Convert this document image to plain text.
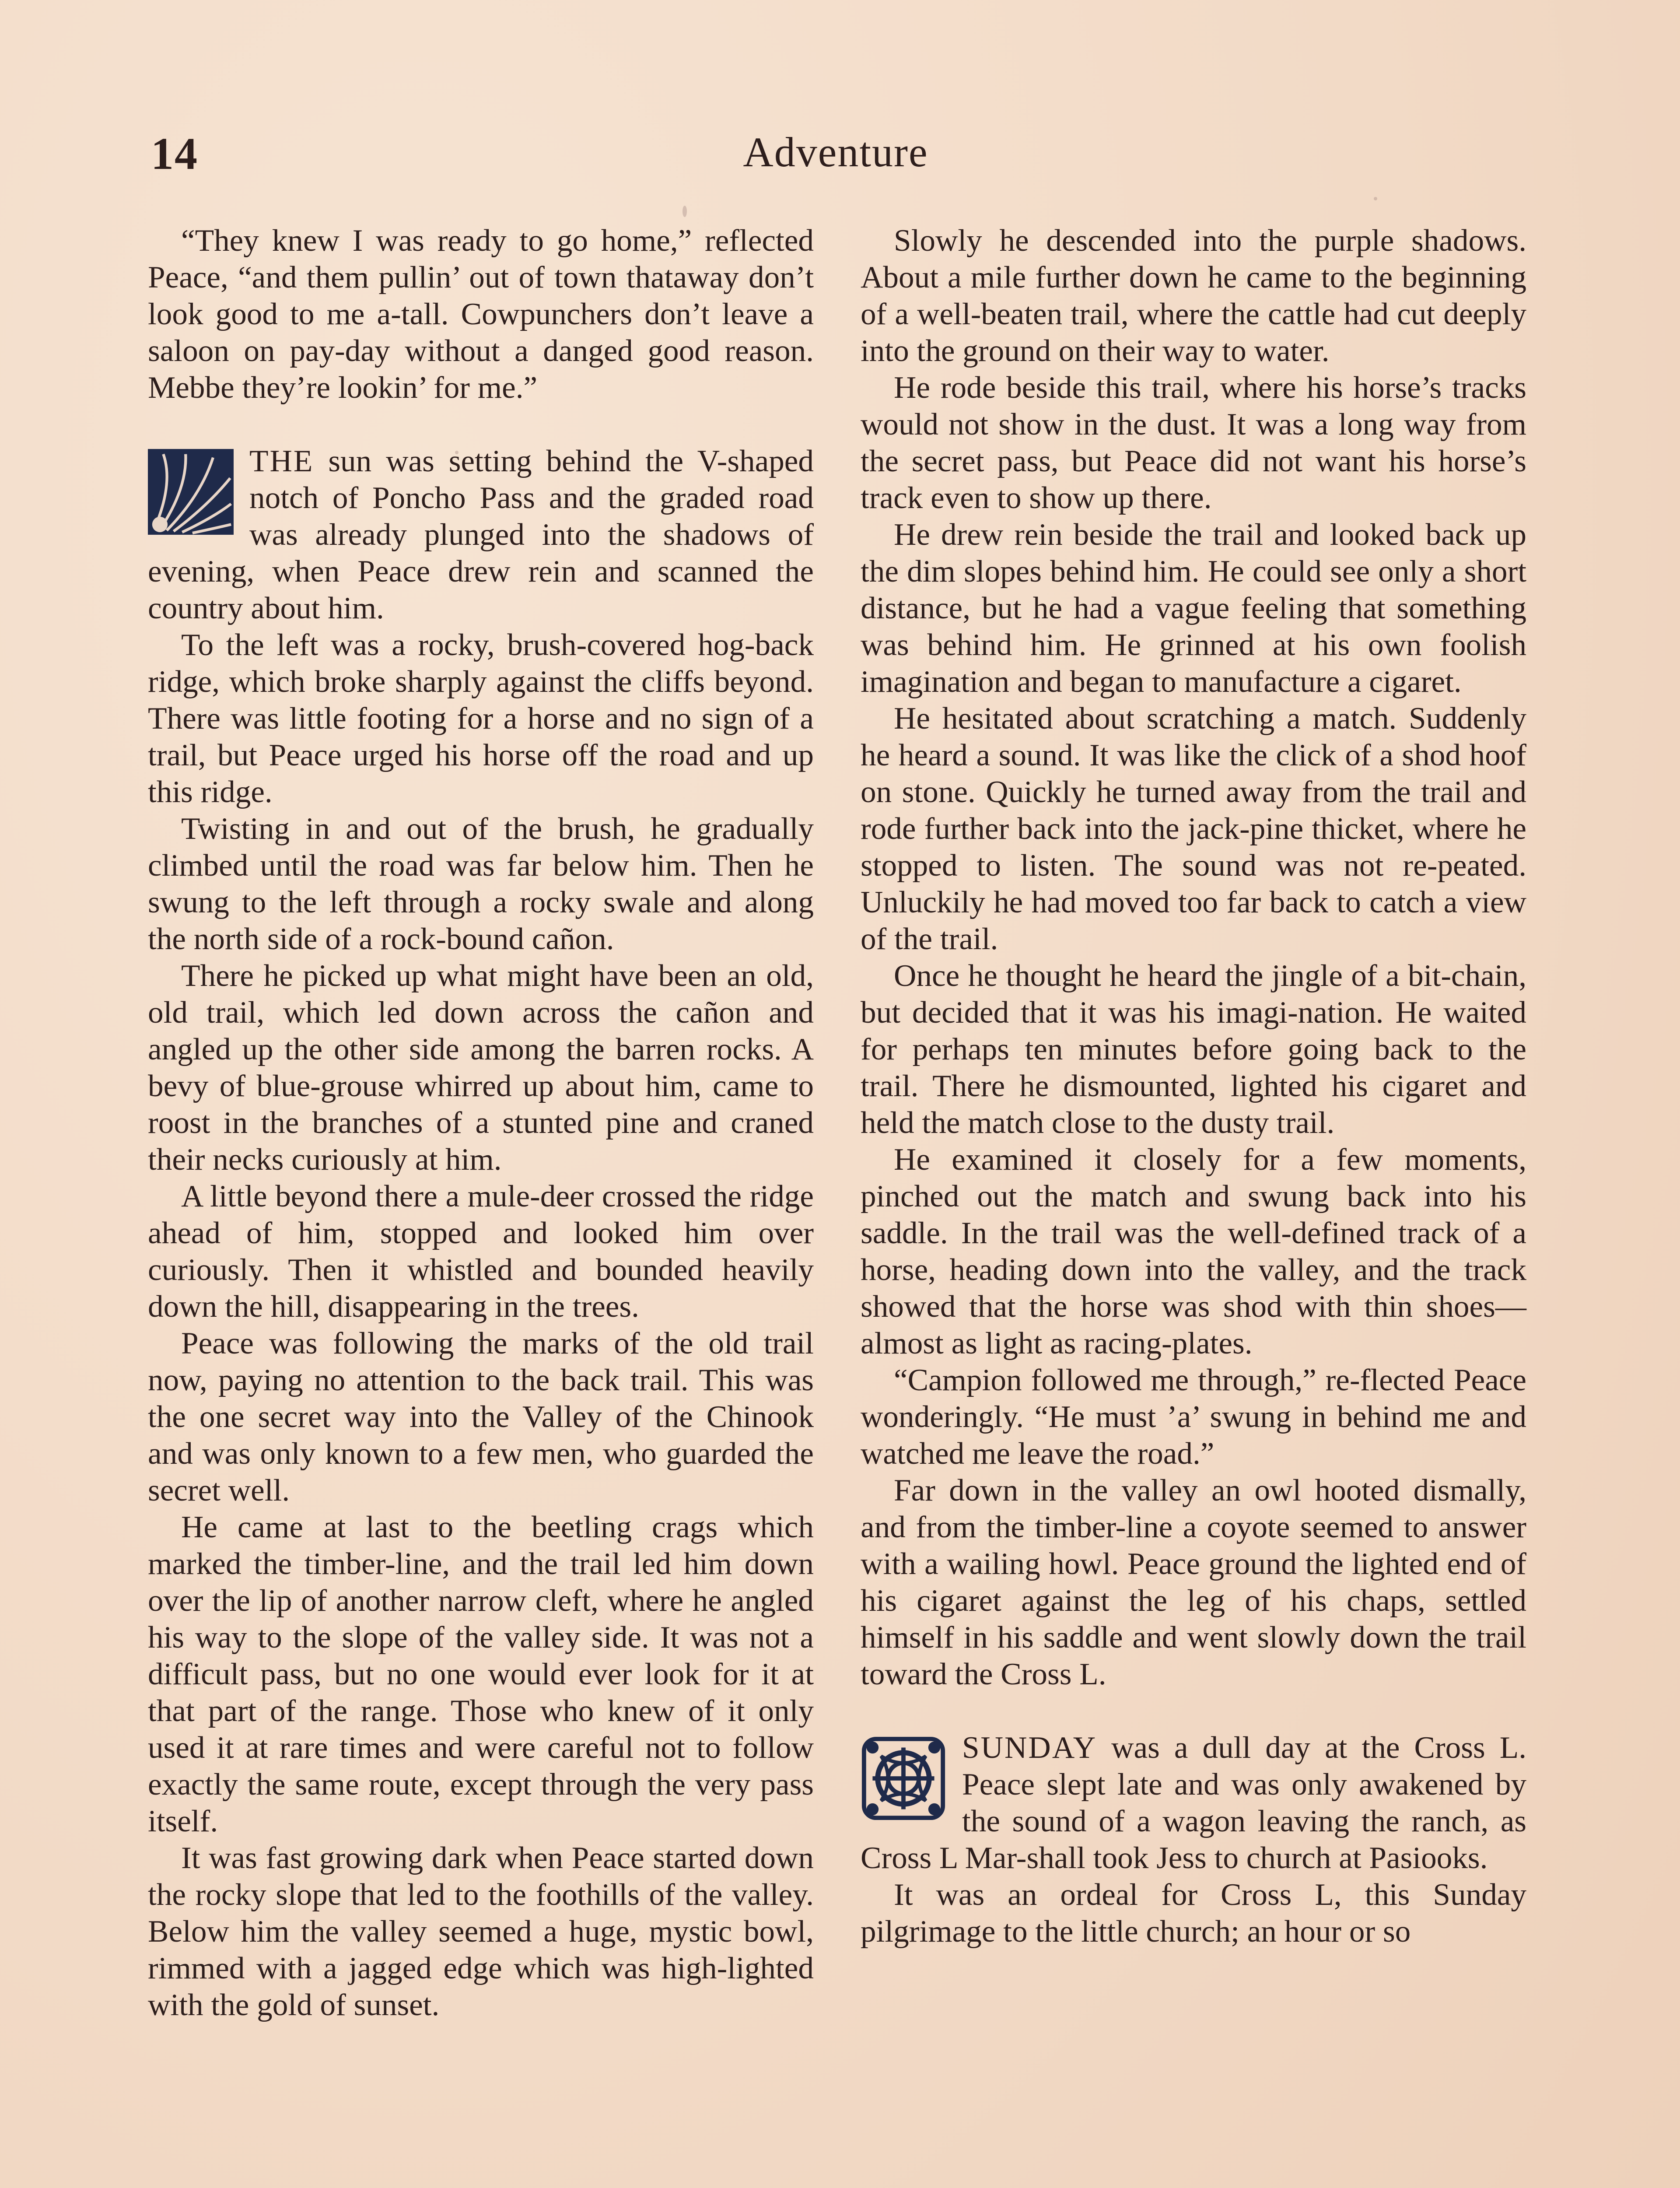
14	Adventure

“They knew I was ready to go home,” reflected Peace, “and them pullin’ out of town thataway don’t look good to me a-tall. Cowpunchers don’t leave a saloon on pay-day without a danged good reason. Mebbe they’re lookin’ for me.”

THE sun was setting behind the V-shaped notch of Poncho Pass and the graded road was already plunged into the shadows of evening, when Peace drew rein and scanned the country about him.

To the left was a rocky, brush-covered hog-back ridge, which broke sharply against the cliffs beyond. There was little footing for a horse and no sign of a trail, but Peace urged his horse off the road and up this ridge.

Twisting in and out of the brush, he gradually climbed until the road was far below him. Then he swung to the left through a rocky swale and along the north side of a rock-bound cañon.

There he picked up what might have been an old, old trail, which led down across the cañon and angled up the other side among the barren rocks. A bevy of blue-grouse whirred up about him, came to roost in the branches of a stunted pine and craned their necks curiously at him.

A little beyond there a mule-deer crossed the ridge ahead of him, stopped and looked him over curiously. Then it whistled and bounded heavily down the hill, disappearing in the trees.

Peace was following the marks of the old trail now, paying no attention to the back trail. This was the one secret way into the Valley of the Chinook and was only known to a few men, who guarded the secret well.

He came at last to the beetling crags which marked the timber-line, and the trail led him down over the lip of another narrow cleft, where he angled his way to the slope of the valley side. It was not a difficult pass, but no one would ever look for it at that part of the range. Those who knew of it only used it at rare times and were careful not to follow exactly the same route, except through the very pass itself.

It was fast growing dark when Peace started down the rocky slope that led to the foothills of the valley. Below him the valley seemed a huge, mystic bowl, rimmed with a jagged edge which was high-lighted with the gold of sunset.

Slowly he descended into the purple shadows. About a mile further down he came to the beginning of a well-beaten trail, where the cattle had cut deeply into the ground on their way to water.

He rode beside this trail, where his horse’s tracks would not show in the dust. It was a long way from the secret pass, but Peace did not want his horse’s track even to show up there.

He drew rein beside the trail and looked back up the dim slopes behind him. He could see only a short distance, but he had a vague feeling that something was behind him. He grinned at his own foolish imagination and began to manufacture a cigaret.

He hesitated about scratching a match. Suddenly he heard a sound. It was like the click of a shod hoof on stone. Quickly he turned away from the trail and rode further back into the jack-pine thicket, where he stopped to listen. The sound was not re-peated. Unluckily he had moved too far back to catch a view of the trail.

Once he thought he heard the jingle of a bit-chain, but decided that it was his imagi-nation. He waited for perhaps ten minutes before going back to the trail. There he dismounted, lighted his cigaret and held the match close to the dusty trail.

He examined it closely for a few moments, pinched out the match and swung back into his saddle. In the trail was the well-defined track of a horse, heading down into the valley, and the track showed that the horse was shod with thin shoes—almost as light as racing-plates.

“Campion followed me through,” re-flected Peace wonderingly. “He must ’a’ swung in behind me and watched me leave the road.”

Far down in the valley an owl hooted dismally, and from the timber-line a coyote seemed to answer with a wailing howl. Peace ground the lighted end of his cigaret against the leg of his chaps, settled himself in his saddle and went slowly down the trail toward the Cross L.

SUNDAY was a dull day at the Cross L. Peace slept late and was only awakened by the sound of a wagon leaving the ranch, as Cross L Mar-shall took Jess to church at Pasiooks.

It was an ordeal for Cross L, this Sunday pilgrimage to the little church; an hour or so
